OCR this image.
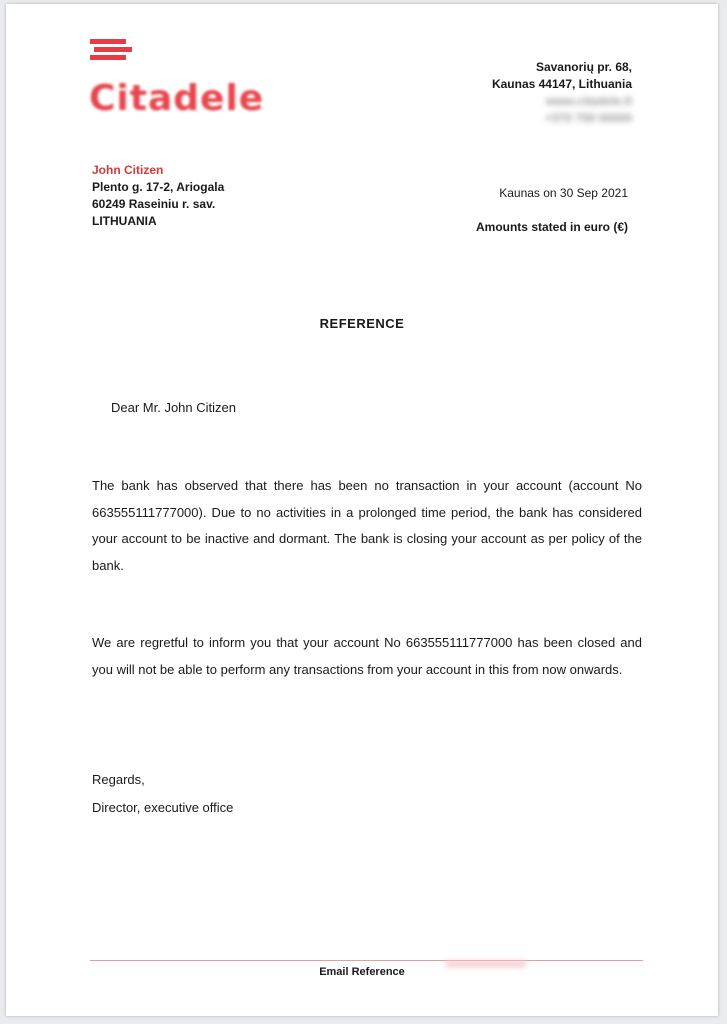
Citadele
Savanorių pr. 68,
Kaunas 44147, Lithuania
www.citadele.lt
+370 700 00000
John Citizen
Plento g. 17-2, Ariogala
60249 Raseiniu r. sav.
LITHUANIA
Kaunas on 30 Sep 2021
Amounts stated in euro (€)
REFERENCE
Dear Mr. John Citizen
The bank has observed that there has been no transaction in your account (account No 663555111777000). Due to no activities in a prolonged time period, the bank has considered your account to be inactive and dormant. The bank is closing your account as per policy of the bank.
We are regretful to inform you that your account No 663555111777000 has been closed and you will not be able to perform any transactions from your account in this from now onwards.
Regards,
Director, executive office
Email Reference
